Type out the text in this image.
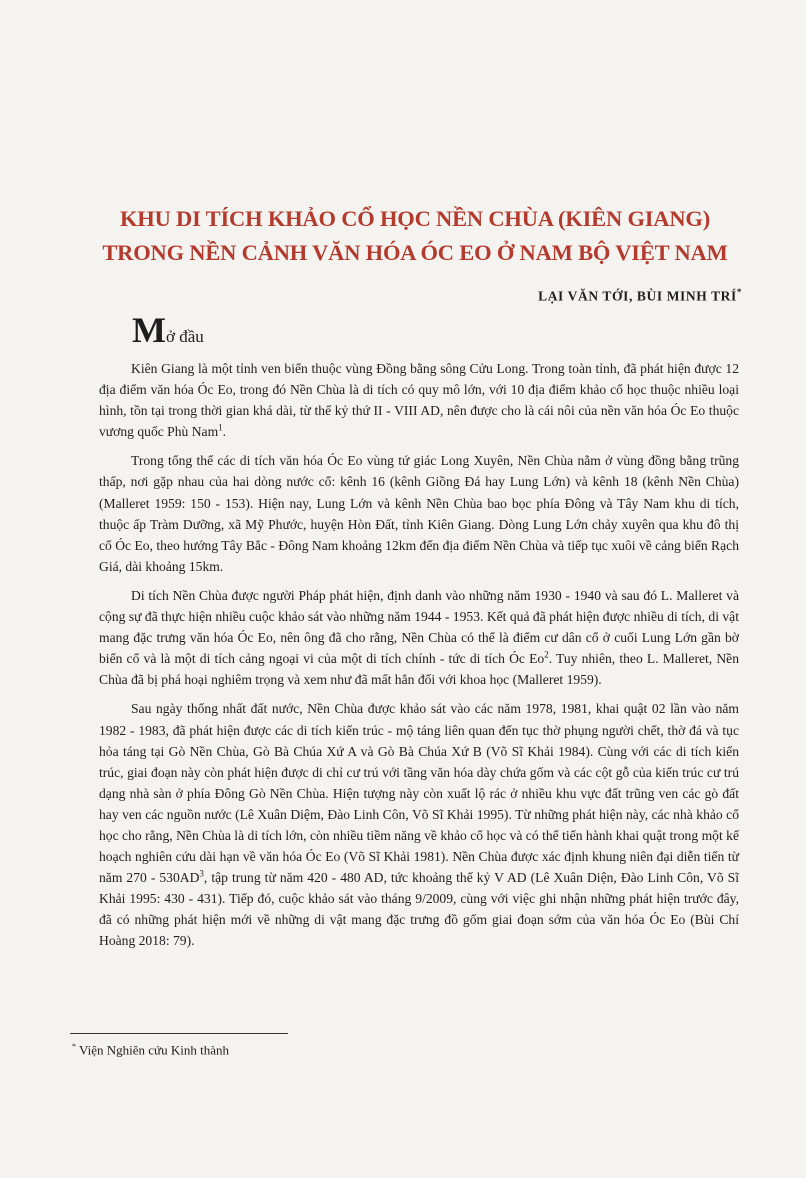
KHU DI TÍCH KHẢO CỔ HỌC NỀN CHÙA (KIÊN GIANG)
TRONG NỀN CẢNH VĂN HÓA ÓC EO Ở NAM BỘ VIỆT NAM
LẠI VĂN TỚI, BÙI MINH TRÍ*
Mở đầu

Kiên Giang là một tỉnh ven biển thuộc vùng Đồng bằng sông Cửu Long. Trong toàn tỉnh, đã phát hiện được 12 địa điểm văn hóa Óc Eo, trong đó Nền Chùa là di tích có quy mô lớn, với 10 địa điểm khảo cổ học thuộc nhiều loại hình, tồn tại trong thời gian khá dài, từ thế kỷ thứ II - VIII AD, nên được cho là cái nôi của nền văn hóa Óc Eo thuộc vương quốc Phù Nam$^1$.

Trong tổng thể các di tích văn hóa Óc Eo vùng tứ giác Long Xuyên, Nền Chùa nằm ở vùng đồng bằng trũng thấp, nơi gặp nhau của hai dòng nước cổ: kênh 16 (kênh Giồng Đá hay Lung Lớn) và kênh 18 (kênh Nền Chùa) (Malleret 1959: 150 - 153). Hiện nay, Lung Lớn và kênh Nền Chùa bao bọc phía Đông và Tây Nam khu di tích, thuộc ấp Tràm Dưỡng, xã Mỹ Phước, huyện Hòn Đất, tỉnh Kiên Giang. Dòng Lung Lớn chảy xuyên qua khu đô thị cổ Óc Eo, theo hướng Tây Bắc - Đông Nam khoảng 12km đến địa điểm Nền Chùa và tiếp tục xuôi về cảng biển Rạch Giá, dài khoảng 15km.

Di tích Nền Chùa được người Pháp phát hiện, định danh vào những năm 1930 - 1940 và sau đó L. Malleret và cộng sự đã thực hiện nhiều cuộc khảo sát vào những năm 1944 - 1953. Kết quả đã phát hiện được nhiều di tích, di vật mang đặc trưng văn hóa Óc Eo, nên ông đã cho rằng, Nền Chùa có thể là điểm cư dân cổ ở cuối Lung Lớn gần bờ biển cổ và là một di tích cảng ngoại vi của một di tích chính - tức di tích Óc Eo$^2$. Tuy nhiên, theo L. Malleret, Nền Chùa đã bị phá hoại nghiêm trọng và xem như đã mất hẳn đối với khoa học (Malleret 1959).

Sau ngày thống nhất đất nước, Nền Chùa được khảo sát vào các năm 1978, 1981, khai quật 02 lần vào năm 1982 - 1983, đã phát hiện được các di tích kiến trúc - mộ táng liên quan đến tục thờ phụng người chết, thờ đá và tục hỏa táng tại Gò Nền Chùa, Gò Bà Chúa Xứ A và Gò Bà Chúa Xứ B (Võ Sĩ Khải 1984). Cùng với các di tích kiến trúc, giai đoạn này còn phát hiện được di chỉ cư trú với tầng văn hóa dày chứa gốm và các cột gỗ của kiến trúc cư trú dạng nhà sàn ở phía Đông Gò Nền Chùa. Hiện tượng này còn xuất lộ rác ở nhiều khu vực đất trũng ven các gò đất hay ven các nguồn nước (Lê Xuân Diệm, Đào Linh Côn, Võ Sĩ Khải 1995). Từ những phát hiện này, các nhà khảo cổ học cho rằng, Nền Chùa là di tích lớn, còn nhiều tiềm năng về khảo cổ học và có thể tiến hành khai quật trong một kế hoạch nghiên cứu dài hạn về văn hóa Óc Eo (Võ Sĩ Khải 1981). Nền Chùa được xác định khung niên đại diễn tiến từ năm $270 - 530AD^3$, tập trung từ năm 420 - 480 AD, tức khoảng thế kỷ V AD (Lê Xuân Diện, Đào Linh Côn, Võ Sĩ Khải 1995: 430 - 431). Tiếp đó, cuộc khảo sát vào tháng 9/2009, cùng với việc ghi nhận những phát hiện trước đây, đã có những phát hiện mới về những di vật mang đặc trưng đồ gốm giai đoạn sớm của văn hóa Óc Eo (Bùi Chí Hoàng 2018: 79).

* Viện Nghiên cứu Kinh thành
